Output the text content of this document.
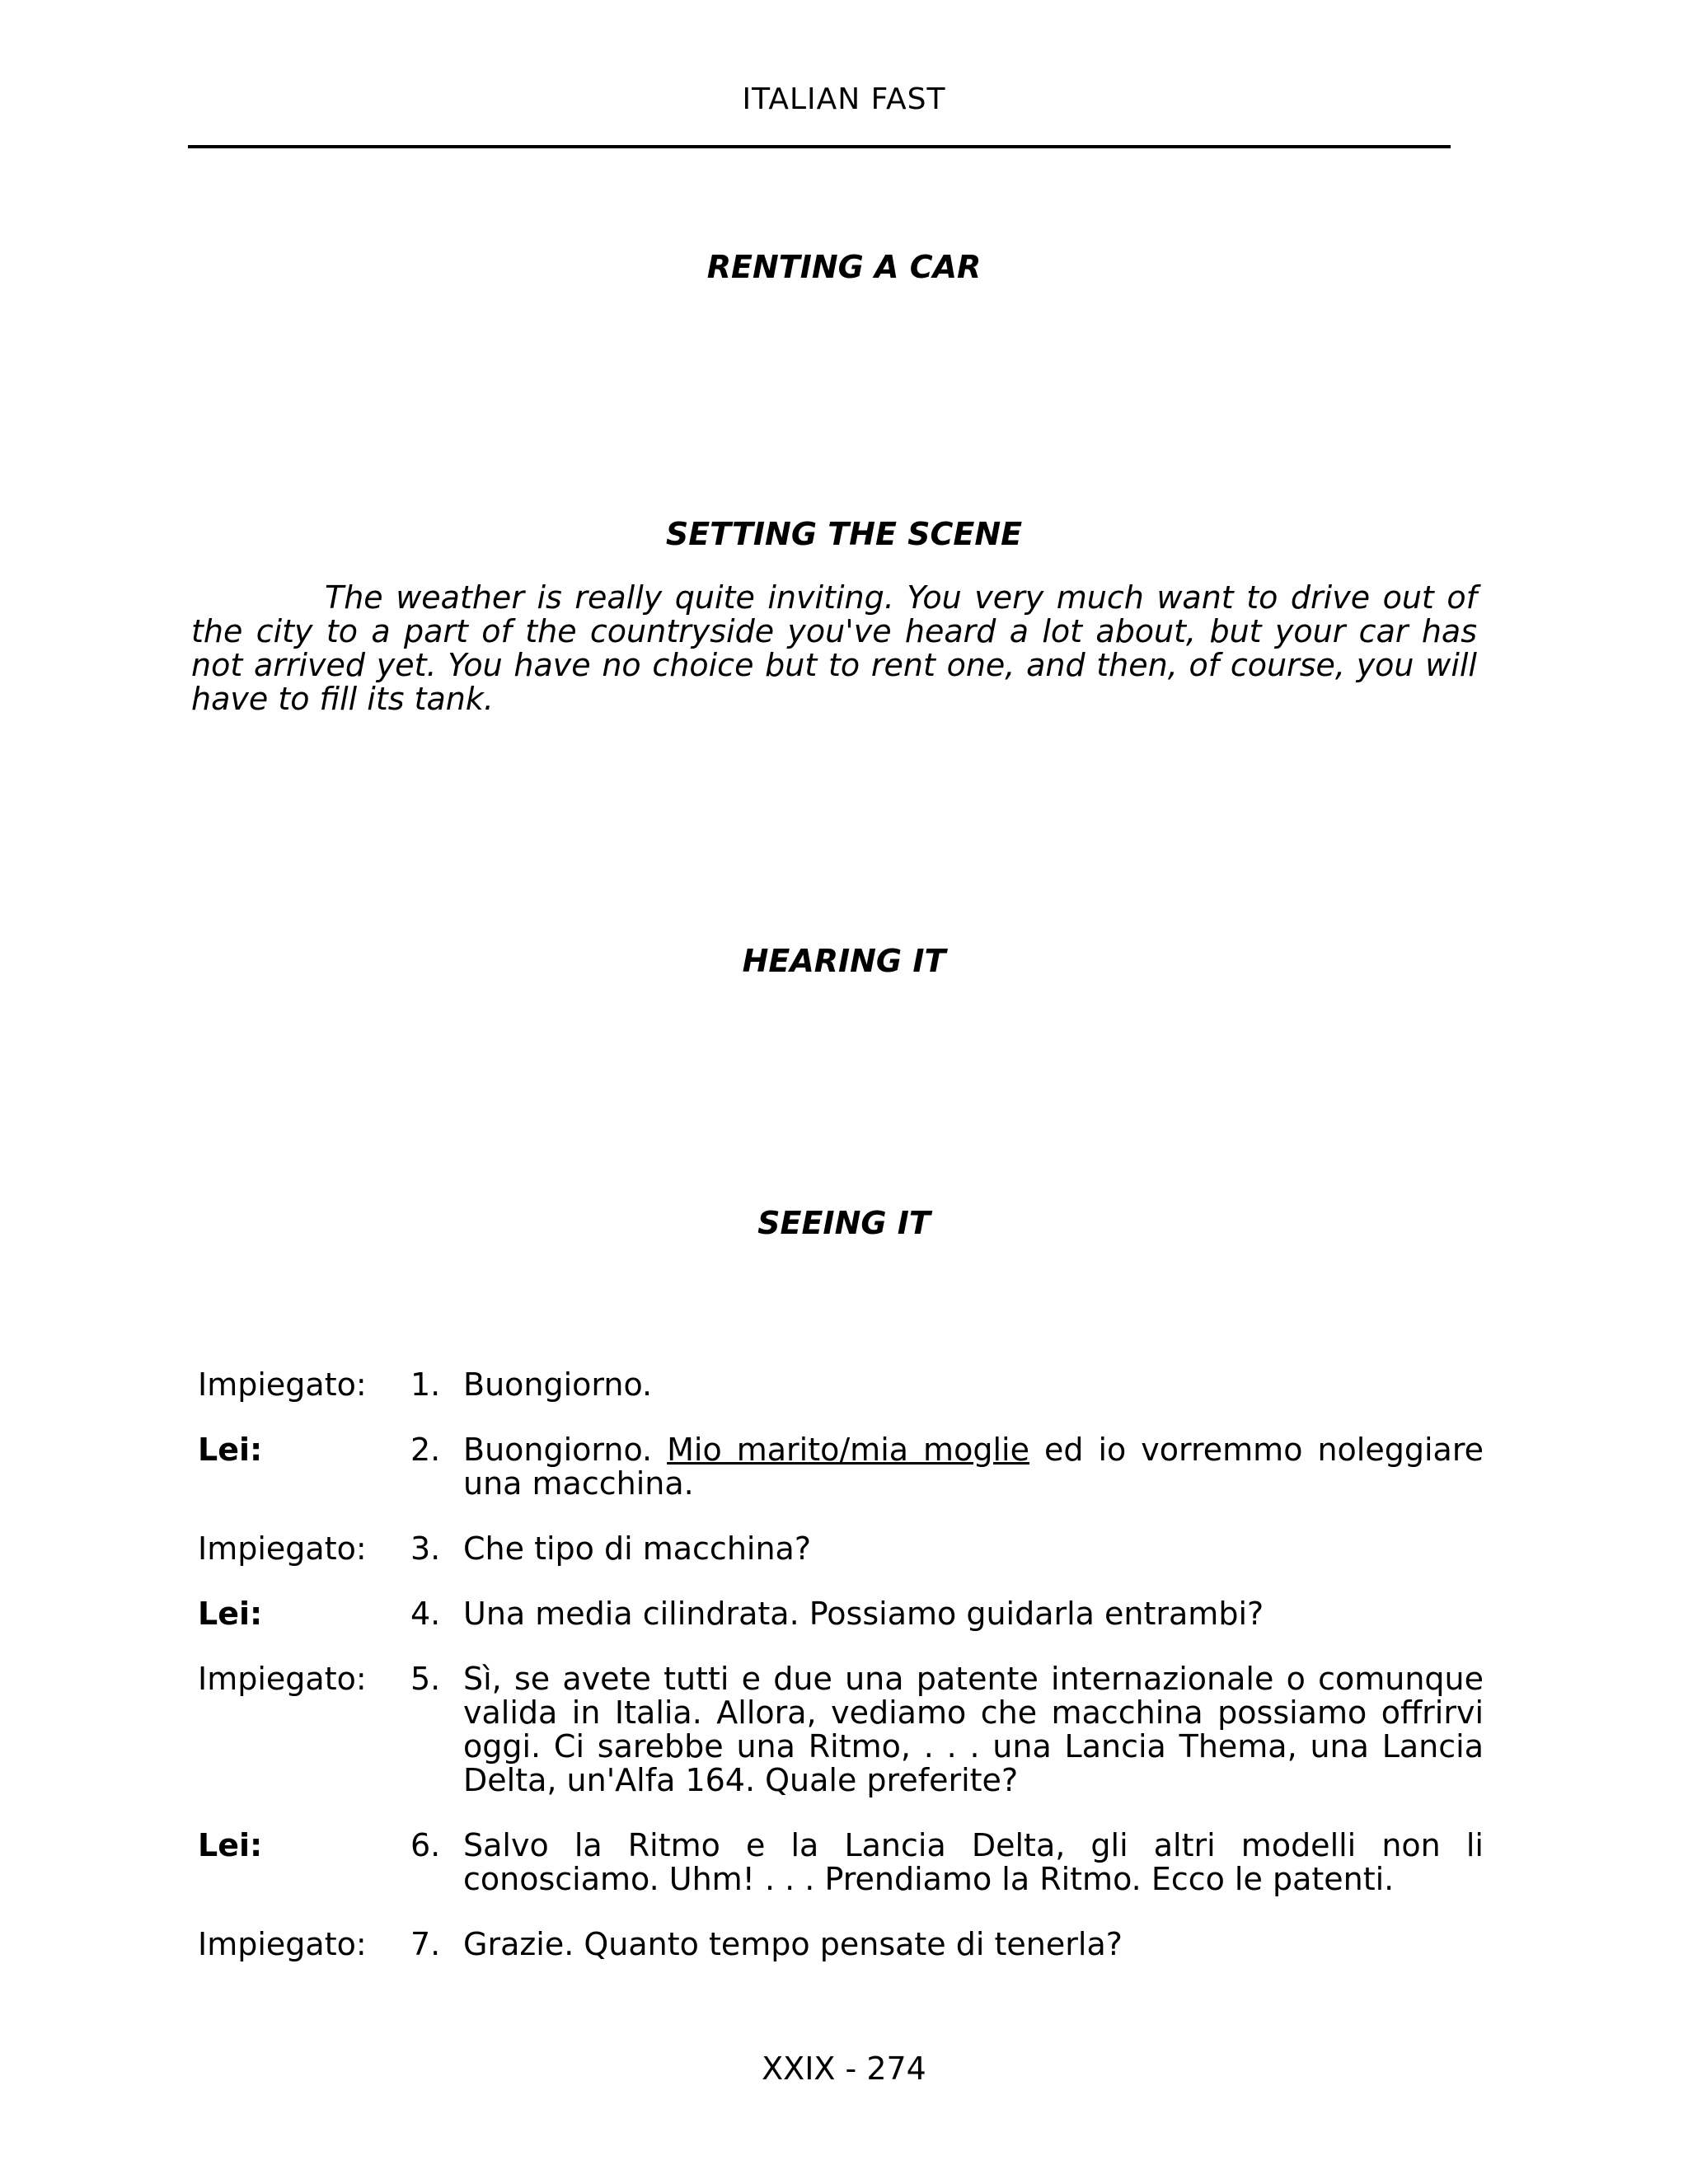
ITALIAN FAST
RENTING A CAR
SETTING THE SCENE

The weather is really quite inviting. You very much want to drive out of the city to a part of the countryside you've heard a lot about, but your car has not arrived yet. You have no choice but to rent one, and then, of course, you will have to fill its tank.

HEARING IT
SEEING IT
Impiegato:	1. Buongiorno.
Lei:	2. Buongiorno. Mio marito/mia moglie ed io vorremmo noleggiare una macchina.
Impiegato:	3. Che tipo di macchina?
Lei:	4. Una media cilindrata. Possiamo guidarla entrambi?
Impiegato:	5. Sì, se avete tutti e due una patente internazionale o comunque valida in Italia. Allora, vediamo che macchina possiamo offrirvi oggi. Ci sarebbe una Ritmo, . . . una Lancia Thema, una Lancia Delta, un'Alfa 164. Quale preferite?
Lei:	6. Salvo la Ritmo e la Lancia Delta, gli altri modelli non li conosciamo. Uhm! . . . Prendiamo la Ritmo. Ecco le patenti.
Impiegato:	7. Grazie. Quanto tempo pensate di tenerla?
XXIX - 274
